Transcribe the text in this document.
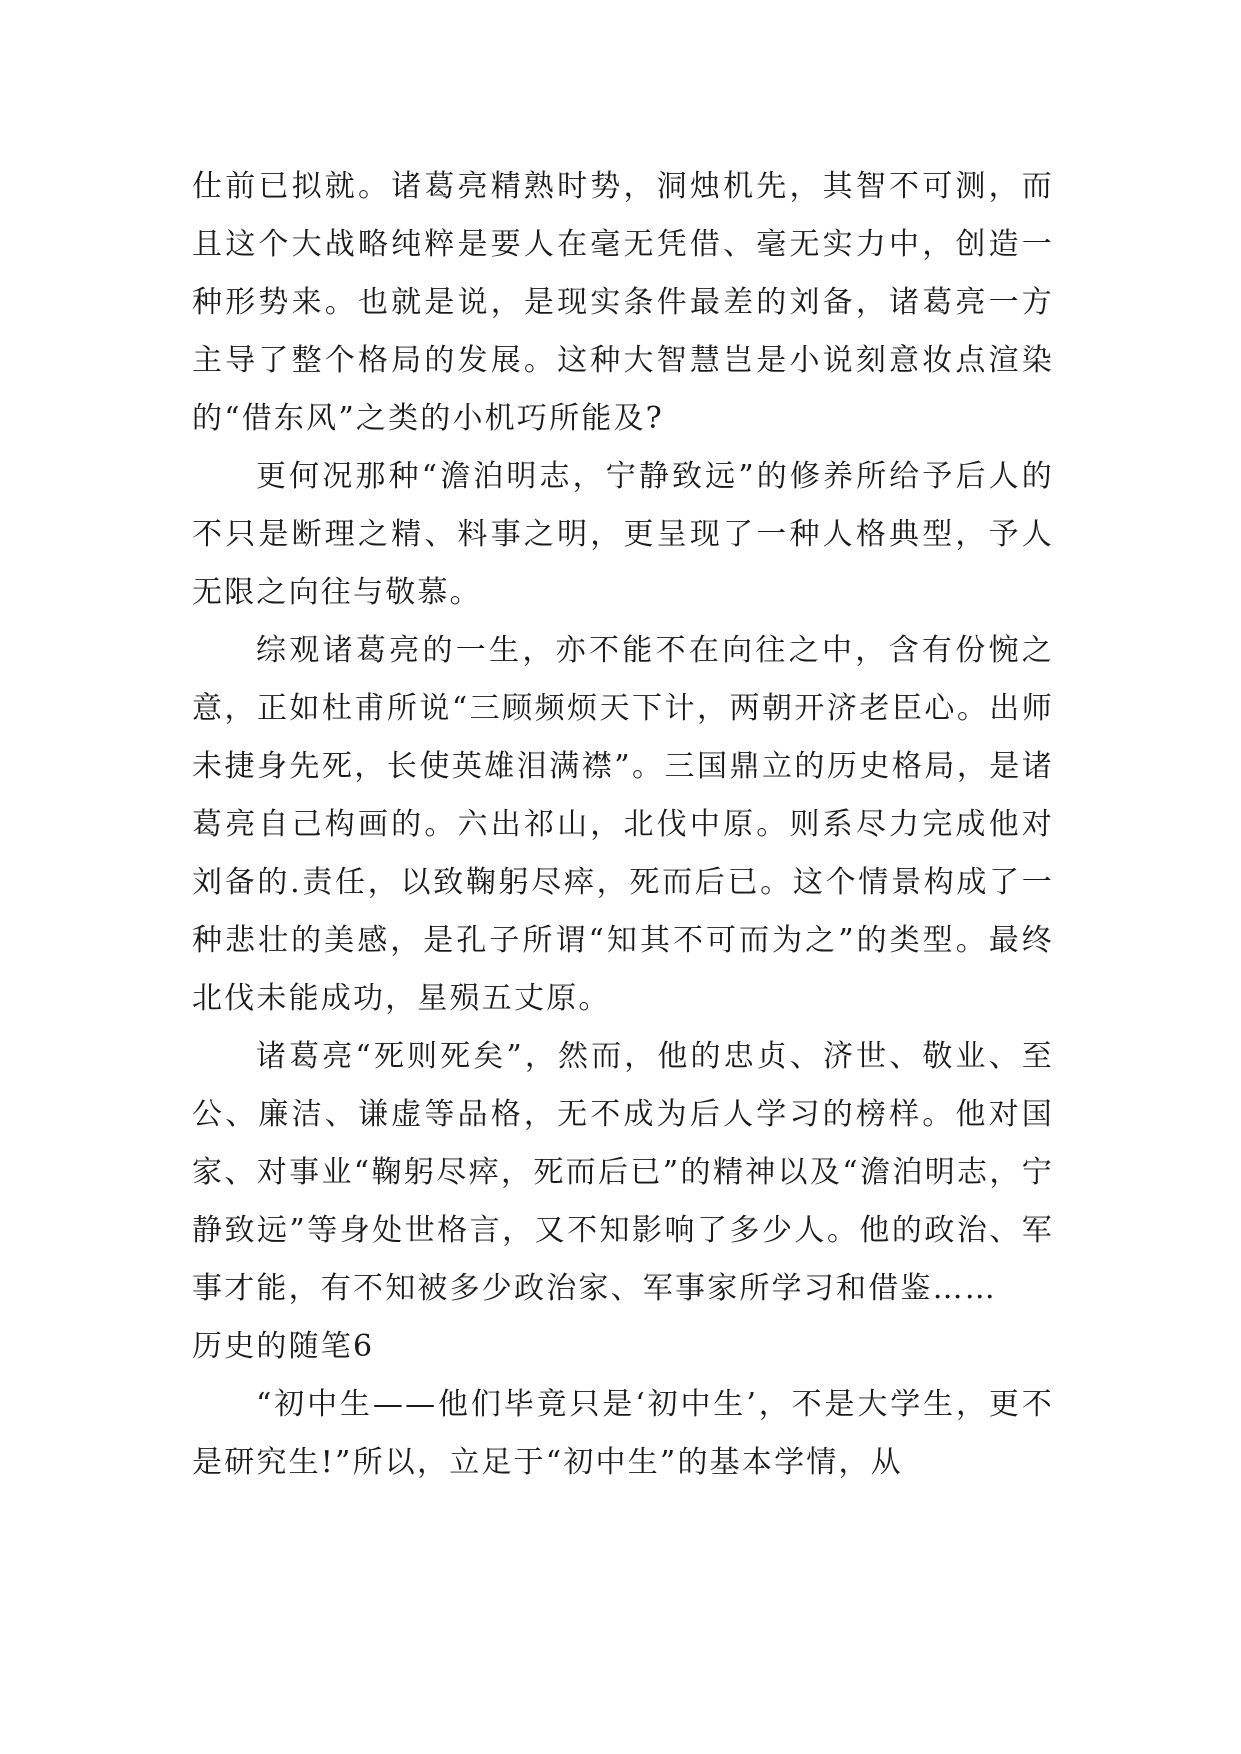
仕前已拟就。诸葛亮精熟时势，洞烛机先，其智不可测，而且这个大战略纯粹是要人在毫无凭借、毫无实力中，创造一种形势来。也就是说，是现实条件最差的刘备，诸葛亮一方主导了整个格局的发展。这种大智慧岂是小说刻意妆点渲染的“借东风”之类的小机巧所能及?

更何况那种“澹泊明志，宁静致远”的修养所给予后人的不只是断理之精、料事之明，更呈现了一种人格典型，予人无限之向往与敬慕。

综观诸葛亮的一生，亦不能不在向往之中，含有份惋之意，正如杜甫所说“三顾频烦天下计，两朝开济老臣心。出师未捷身先死，长使英雄泪满襟”。三国鼎立的历史格局，是诸葛亮自己构画的。六出祁山，北伐中原。则系尽力完成他对刘备的.责任，以致鞠躬尽瘁，死而后已。这个情景构成了一种悲壮的美感，是孔子所谓“知其不可而为之”的类型。最终北伐未能成功，星殒五丈原。

诸葛亮“死则死矣”，然而，他的忠贞、济世、敬业、至公、廉洁、谦虚等品格，无不成为后人学习的榜样。他对国家、对事业“鞠躬尽瘁，死而后已”的精神以及“澹泊明志，宁静致远”等身处世格言，又不知影响了多少人。他的政治、军事才能，有不知被多少政治家、军事家所学习和借鉴……

历史的随笔6

“初中生——他们毕竟只是‘初中生’，不是大学生，更不是研究生!”所以，立足于“初中生”的基本学情，从
